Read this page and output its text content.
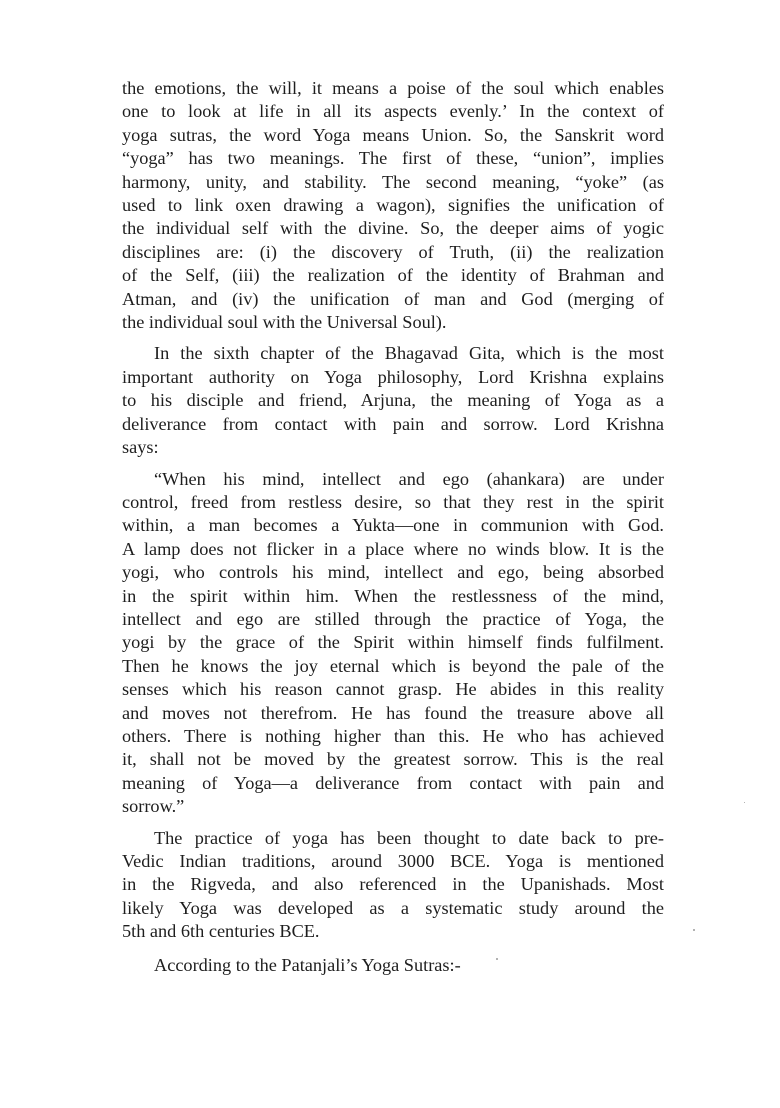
the emotions, the will, it means a poise of the soul which enables
one to look at life in all its aspects evenly.’ In the context of
yoga sutras, the word Yoga means Union. So, the Sanskrit word
“yoga” has two meanings. The first of these, “union”, implies
harmony, unity, and stability. The second meaning, “yoke” (as
used to link oxen drawing a wagon), signifies the unification of
the individual self with the divine. So, the deeper aims of yogic
disciplines are: (i) the discovery of Truth, (ii) the realization
of the Self, (iii) the realization of the identity of Brahman and
Atman, and (iv) the unification of man and God (merging of
the individual soul with the Universal Soul).
In the sixth chapter of the Bhagavad Gita, which is the most
important authority on Yoga philosophy, Lord Krishna explains
to his disciple and friend, Arjuna, the meaning of Yoga as a
deliverance from contact with pain and sorrow. Lord Krishna
says:
“When his mind, intellect and ego (ahankara) are under
control, freed from restless desire, so that they rest in the spirit
within, a man becomes a Yukta—one in communion with God.
A lamp does not flicker in a place where no winds blow. It is the
yogi, who controls his mind, intellect and ego, being absorbed
in the spirit within him. When the restlessness of the mind,
intellect and ego are stilled through the practice of Yoga, the
yogi by the grace of the Spirit within himself finds fulfilment.
Then he knows the joy eternal which is beyond the pale of the
senses which his reason cannot grasp. He abides in this reality
and moves not therefrom. He has found the treasure above all
others. There is nothing higher than this. He who has achieved
it, shall not be moved by the greatest sorrow. This is the real
meaning of Yoga—a deliverance from contact with pain and
sorrow.”
The practice of yoga has been thought to date back to pre-
Vedic Indian traditions, around 3000 BCE. Yoga is mentioned
in the Rigveda, and also referenced in the Upanishads. Most
likely Yoga was developed as a systematic study around the
5th and 6th centuries BCE.
According to the Patanjali’s Yoga Sutras:-
